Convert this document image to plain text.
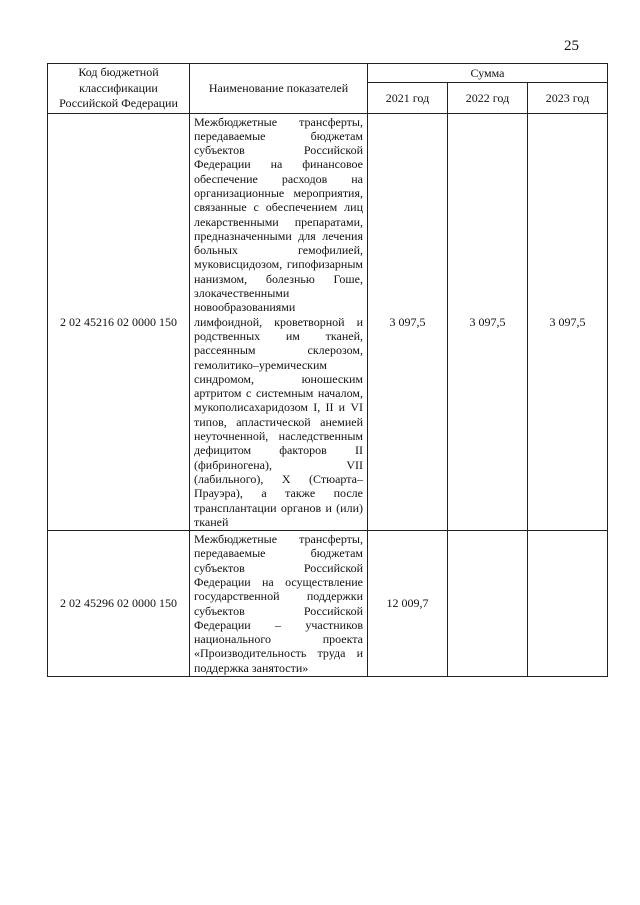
25
Код бюджетной классификации Российской Федерации	Наименование показателей	Сумма		
		2021 год	2022 год	2023 год
2 02 45216 02 0000 150	Межбюджетные трансферты, передаваемые бюджетам субъектов Российской Федерации на финансовое обеспечение расходов на организационные мероприятия, связанные с обеспечением лиц лекарственными препаратами, предназначенными для лечения больных гемофилией, муковисцидозом, гипофизарным нанизмом, болезнью Гоше, злокачественными новообразованиями лимфоидной, кроветворной и родственных им тканей, рассеянным склерозом, гемолитико–уремическим синдромом, юношеским артритом с системным началом, мукополисахаридозом I, II и VI типов, апластической анемией неуточненной, наследственным дефицитом факторов II (фибриногена), VII (лабильного), X (Стюарта–Прауэра), а также после трансплантации органов и (или) тканей	3 097,5	3 097,5	3 097,5
2 02 45296 02 0000 150	Межбюджетные трансферты, передаваемые бюджетам субъектов Российской Федерации на осуществление государственной поддержки субъектов Российской Федерации – участников национального проекта «Производительность труда и поддержка занятости»	12 009,7		
